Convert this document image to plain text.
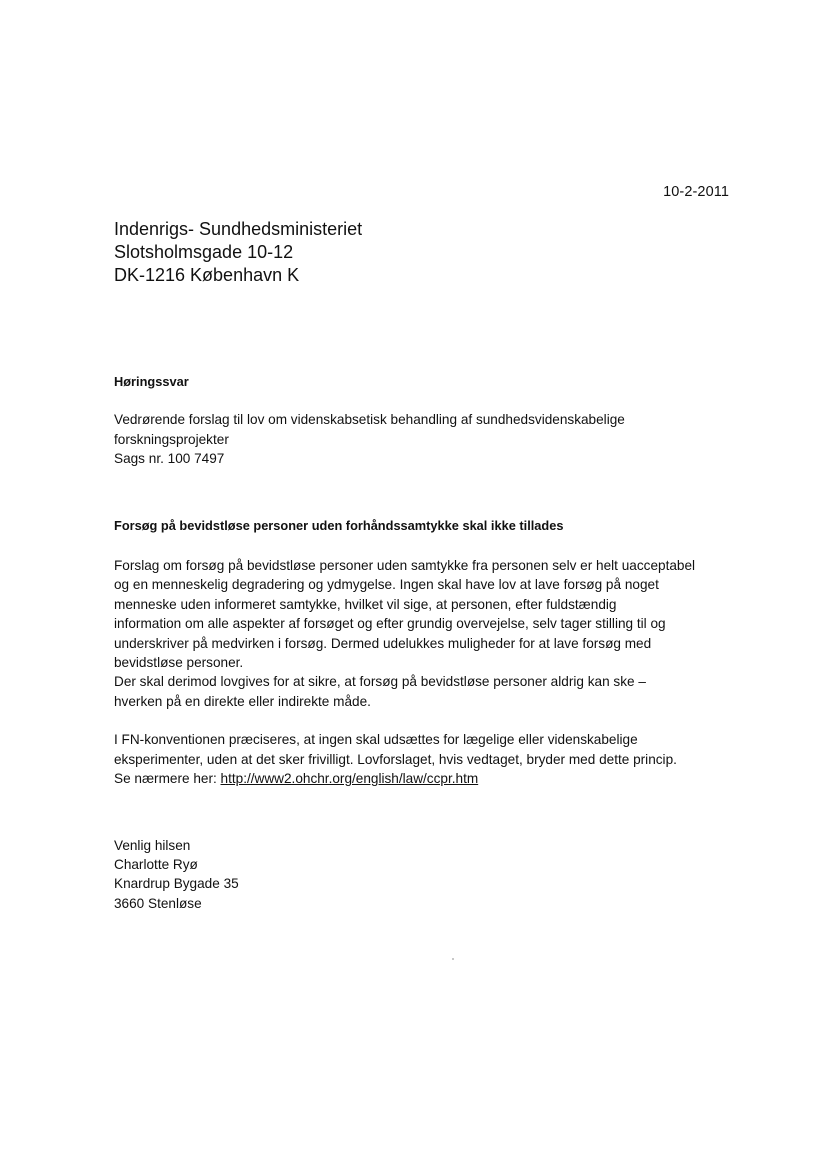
10-2-2011
Indenrigs- Sundhedsministeriet
Slotsholmsgade 10-12
DK-1216 København K
Høringssvar
Vedrørende forslag til lov om videnskabsetisk behandling af sundhedsvidenskabelige
forskningsprojekter
Sags nr. 100 7497
Forsøg på bevidstløse personer uden forhåndssamtykke skal ikke tillades
Forslag om forsøg på bevidstløse personer uden samtykke fra personen selv er helt uacceptabel
og en menneskelig degradering og ydmygelse. Ingen skal have lov at lave forsøg på noget
menneske uden informeret samtykke, hvilket vil sige, at personen, efter fuldstændig
information om alle aspekter af forsøget og efter grundig overvejelse, selv tager stilling til og
underskriver på medvirken i forsøg. Dermed udelukkes muligheder for at lave forsøg med
bevidstløse personer.
Der skal derimod lovgives for at sikre, at forsøg på bevidstløse personer aldrig kan ske –
hverken på en direkte eller indirekte måde.
I FN-konventionen præciseres, at ingen skal udsættes for lægelige eller videnskabelige
eksperimenter, uden at det sker frivilligt. Lovforslaget, hvis vedtaget, bryder med dette princip.
Se nærmere her: http://www2.ohchr.org/english/law/ccpr.htm
Venlig hilsen
Charlotte Ryø
Knardrup Bygade 35
3660 Stenløse
